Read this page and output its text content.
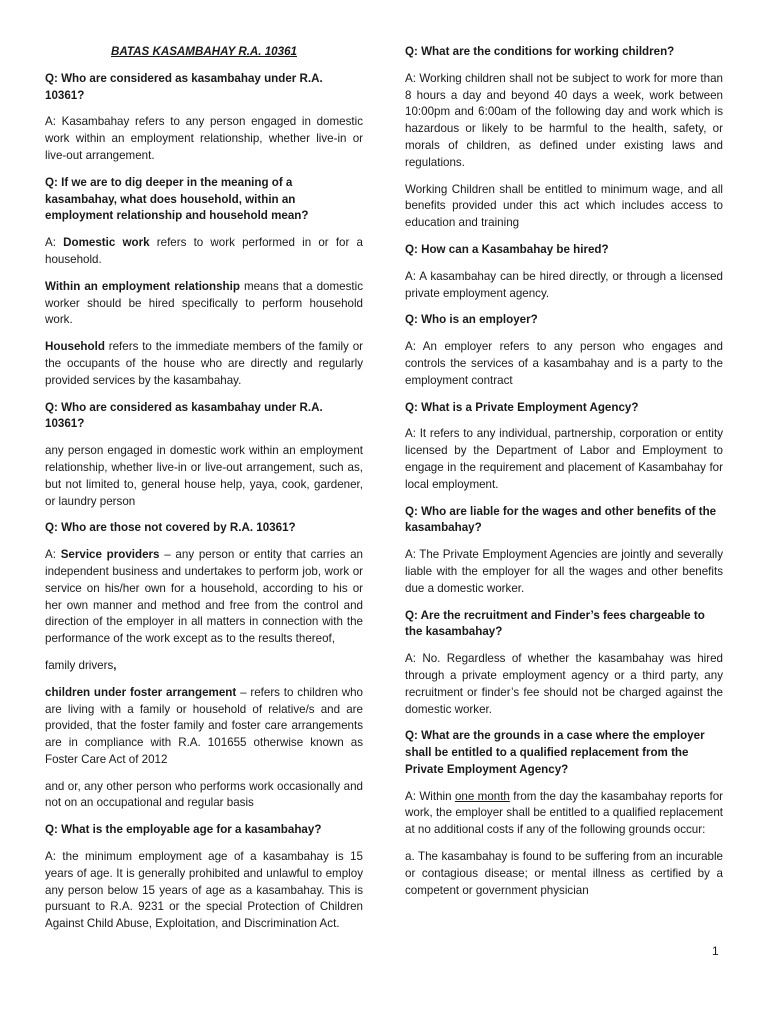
BATAS KASAMBAHAY R.A. 10361

Q: Who are considered as kasambahay under R.A. 10361?

A: Kasambahay refers to any person engaged in domestic work within an employment relationship, whether live-in or live-out arrangement.

Q: If we are to dig deeper in the meaning of a kasambahay, what does household, within an employment relationship and household mean?

A: Domestic work refers to work performed in or for a household.

Within an employment relationship means that a domestic worker should be hired specifically to perform household work.

Household refers to the immediate members of the family or the occupants of the house who are directly and regularly provided services by the kasambahay.

Q: Who are considered as kasambahay under R.A. 10361?

any person engaged in domestic work within an employment relationship, whether live-in or live-out arrangement, such as, but not limited to, general house help, yaya, cook, gardener, or laundry person

Q: Who are those not covered by R.A. 10361?

A: Service providers – any person or entity that carries an independent business and undertakes to perform job, work or service on his/her own for a household, according to his or her own manner and method and free from the control and direction of the employer in all matters in connection with the performance of the work except as to the results thereof,

family drivers,

children under foster arrangement – refers to children who are living with a family or household of relative/s and are provided, that the foster family and foster care arrangements are in compliance with R.A. 101655 otherwise known as Foster Care Act of 2012

and or, any other person who performs work occasionally and not on an occupational and regular basis

Q: What is the employable age for a kasambahay?

A: the minimum employment age of a kasambahay is 15 years of age. It is generally prohibited and unlawful to employ any person below 15 years of age as a kasambahay. This is pursuant to R.A. 9231 or the special Protection of Children Against Child Abuse, Exploitation, and Discrimination Act.

Q: What are the conditions for working children?

A: Working children shall not be subject to work for more than 8 hours a day and beyond 40 days a week, work between 10:00pm and 6:00am of the following day and work which is hazardous or likely to be harmful to the health, safety, or morals of children, as defined under existing laws and regulations.

Working Children shall be entitled to minimum wage, and all benefits provided under this act which includes access to education and training

Q: How can a Kasambahay be hired?

A: A kasambahay can be hired directly, or through a licensed private employment agency.

Q: Who is an employer?

A: An employer refers to any person who engages and controls the services of a kasambahay and is a party to the employment contract

Q: What is a Private Employment Agency?

A: It refers to any individual, partnership, corporation or entity licensed by the Department of Labor and Employment to engage in the requirement and placement of Kasambahay for local employment.

Q: Who are liable for the wages and other benefits of the kasambahay?

A: The Private Employment Agencies are jointly and severally liable with the employer for all the wages and other benefits due a domestic worker.

Q: Are the recruitment and Finder’s fees chargeable to the kasambahay?

A: No. Regardless of whether the kasambahay was hired through a private employment agency or a third party, any recruitment or finder’s fee should not be charged against the domestic worker.

Q: What are the grounds in a case where the employer shall be entitled to a qualified replacement from the Private Employment Agency?

A: Within one month from the day the kasambahay reports for work, the employer shall be entitled to a qualified replacement at no additional costs if any of the following grounds occur:

a. The kasambahay is found to be suffering from an incurable or contagious disease; or mental illness as certified by a competent or government physician

1
